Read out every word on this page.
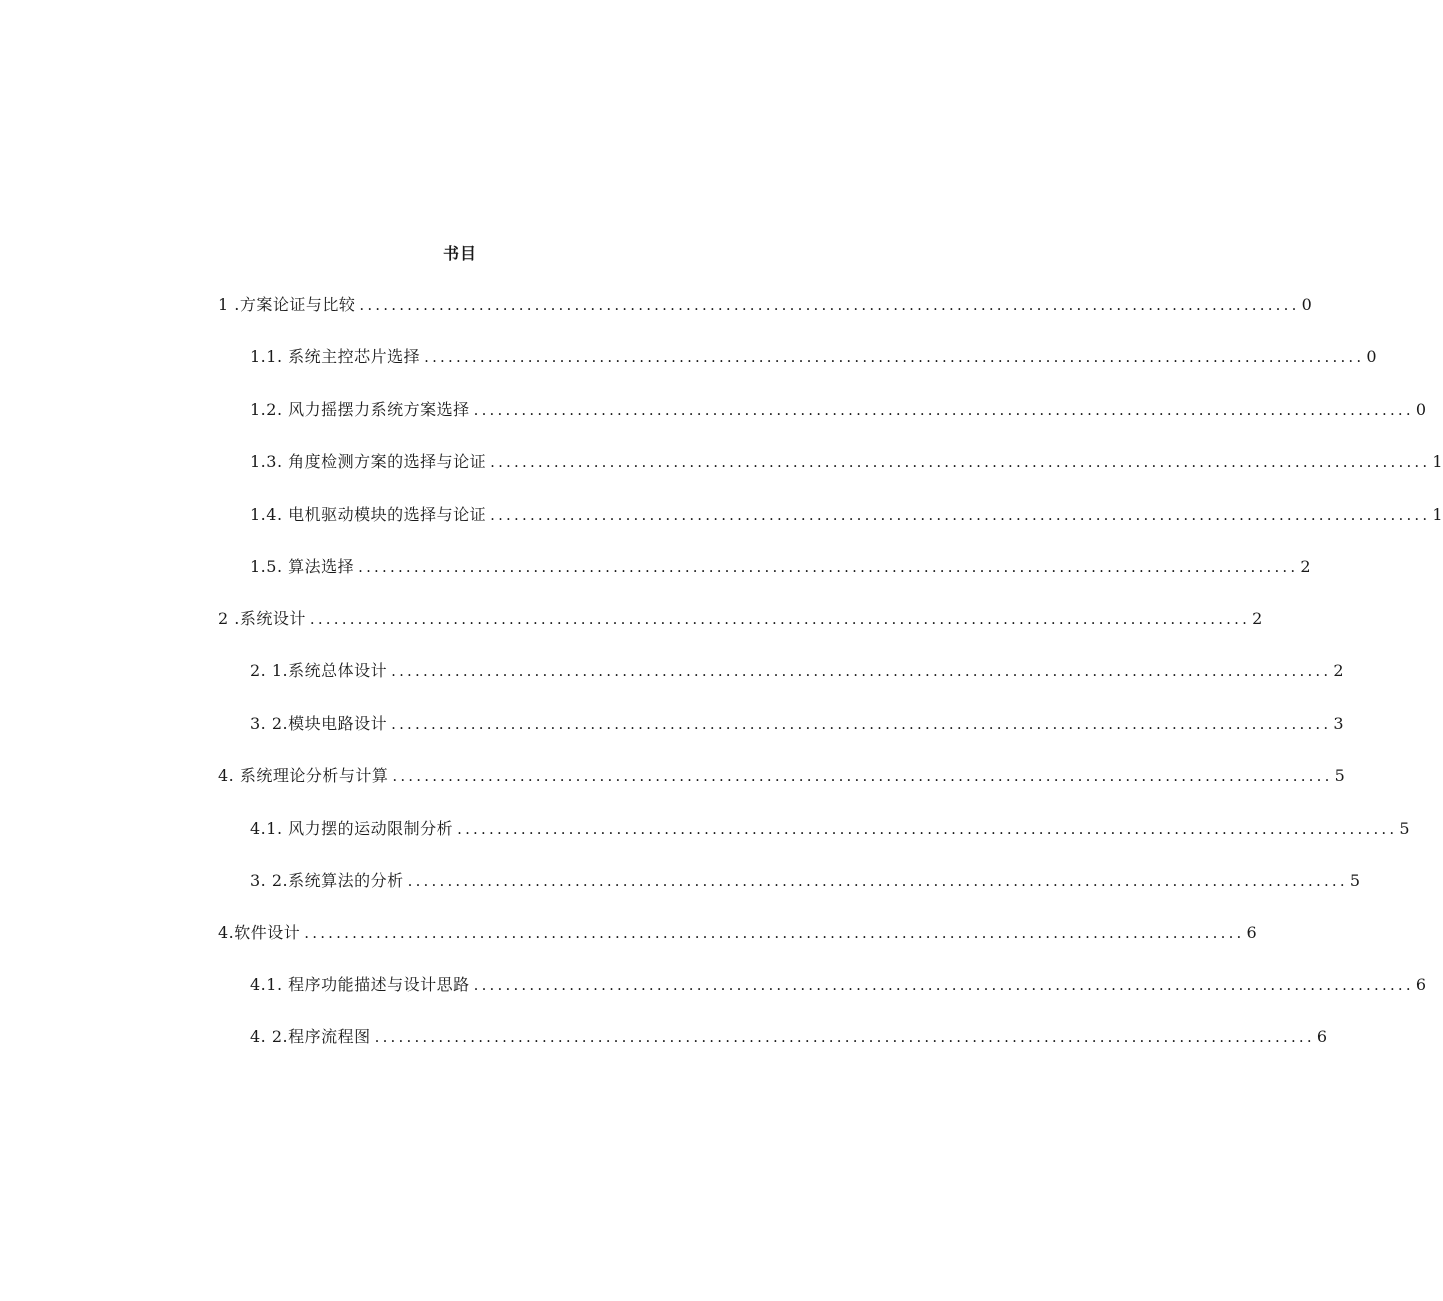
书目
1 .方案论证与比较 ...................................................................................................................... 0
1.1. 系统主控芯片选择 ...................................................................................................................... 0
1.2. 风力摇摆力系统方案选择 ...................................................................................................................... 0
1.3. 角度检测方案的选择与论证 ...................................................................................................................... 1
1.4. 电机驱动模块的选择与论证 ...................................................................................................................... 1
1.5. 算法选择 ...................................................................................................................... 2
2 .系统设计 ...................................................................................................................... 2
2. 1.系统总体设计 ...................................................................................................................... 2
3. 2.模块电路设计 ...................................................................................................................... 3
4. 系统理论分析与计算 ...................................................................................................................... 5
4.1. 风力摆的运动限制分析 ...................................................................................................................... 5
3. 2.系统算法的分析 ...................................................................................................................... 5
4.软件设计 ...................................................................................................................... 6
4.1. 程序功能描述与设计思路 ...................................................................................................................... 6
4. 2.程序流程图 ...................................................................................................................... 6
